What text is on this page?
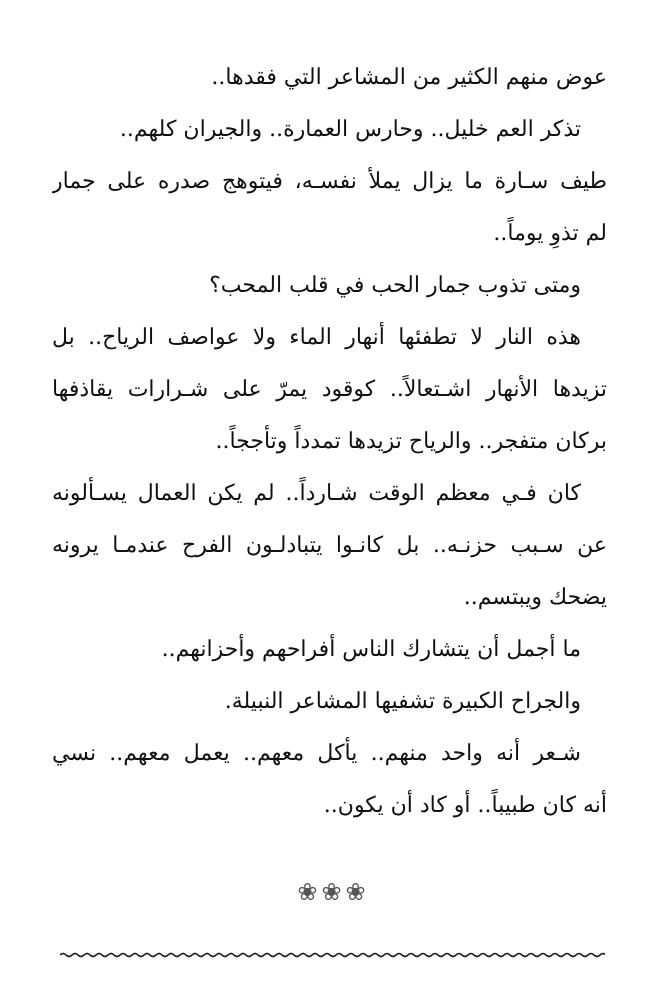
عوض منهم الكثير من المشاعر التي فقدها..
تذكر العم خليل.. وحارس العمارة.. والجيران كلهم..
طيف سـارة ما يزال يملأ نفسـه، فيتوهج صدره على جمار
لم تذوِ يوماً..
ومتى تذوب جمار الحب في قلب المحب؟
هذه النار لا تطفئها أنهار الماء ولا عواصف الرياح.. بل
تزيدها الأنهار اشـتعالاً.. كوقود يمرّ على شـرارات يقاذفها
بركان متفجر.. والرياح تزيدها تمدداً وتأججاً..
كان فـي معظم الوقت شـارداً.. لم يكن العمال يسـألونه
عن سـبب حزنـه.. بل كانـوا يتبادلـون الفرح عندمـا يرونه
يضحك ويبتسم..
ما أجمل أن يتشارك الناس أفراحهم وأحزانهم..
والجراح الكبيرة تشفيها المشاعر النبيلة.
شـعر أنه واحد منهم.. يأكل معهم.. يعمل معهم.. نسي
أنه كان طبيباً.. أو كاد أن يكون..
❀ ❀ ❀
